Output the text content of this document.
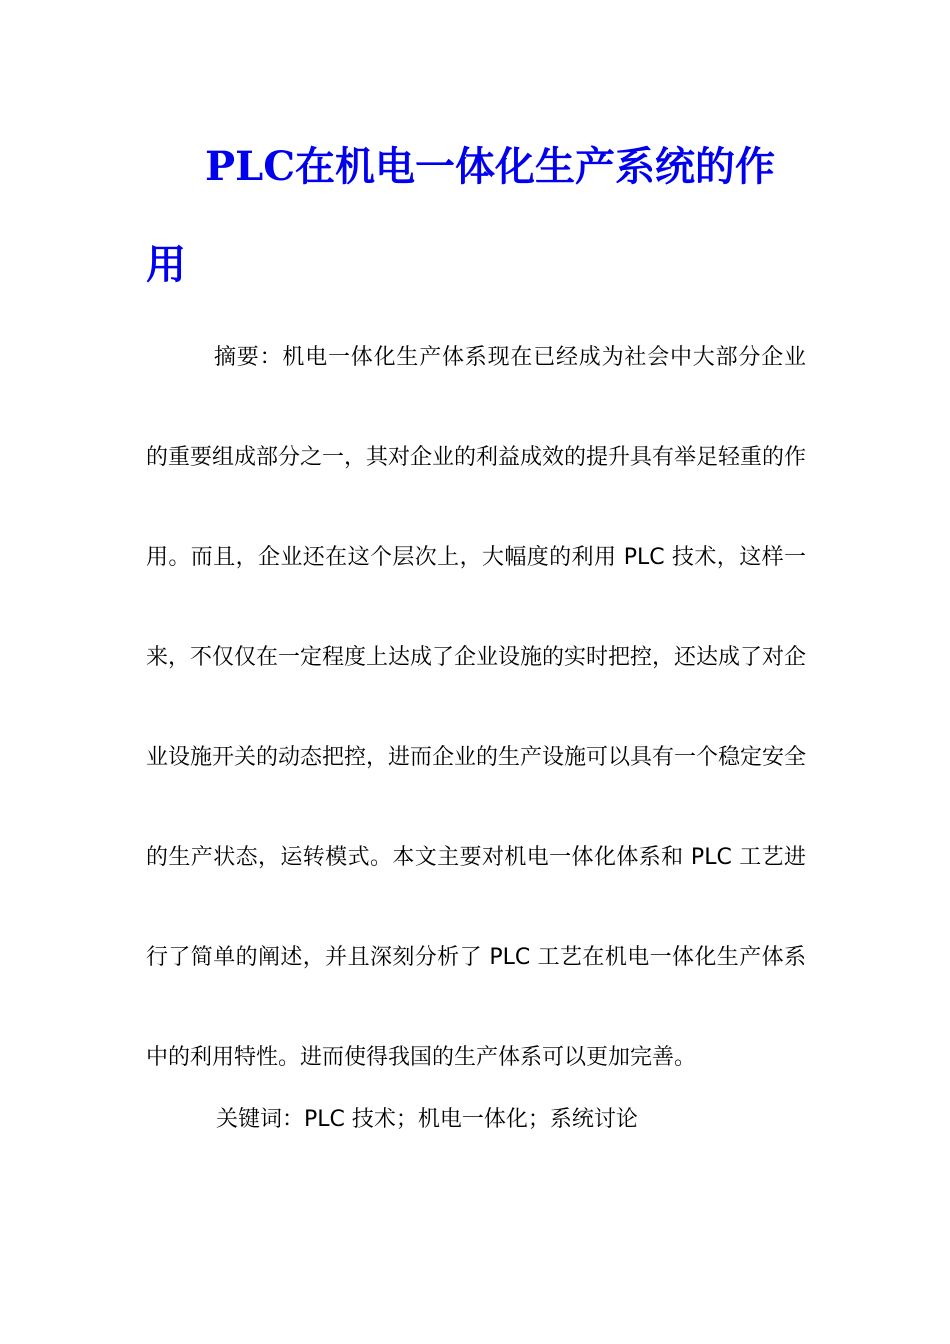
PLC在机电一体化生产系统的作用

摘要：机电一体化生产体系现在已经成为社会中大部分企业的重要组成部分之一，其对企业的利益成效的提升具有举足轻重的作用。而且，企业还在这个层次上，大幅度的利用 PLC 技术，这样一来，不仅仅在一定程度上达成了企业设施的实时把控，还达成了对企业设施开关的动态把控，进而企业的生产设施可以具有一个稳定安全的生产状态，运转模式。本文主要对机电一体化体系和 PLC 工艺进行了简单的阐述，并且深刻分析了 PLC 工艺在机电一体化生产体系中的利用特性。进而使得我国的生产体系可以更加完善。

关键词：PLC 技术；机电一体化；系统讨论
